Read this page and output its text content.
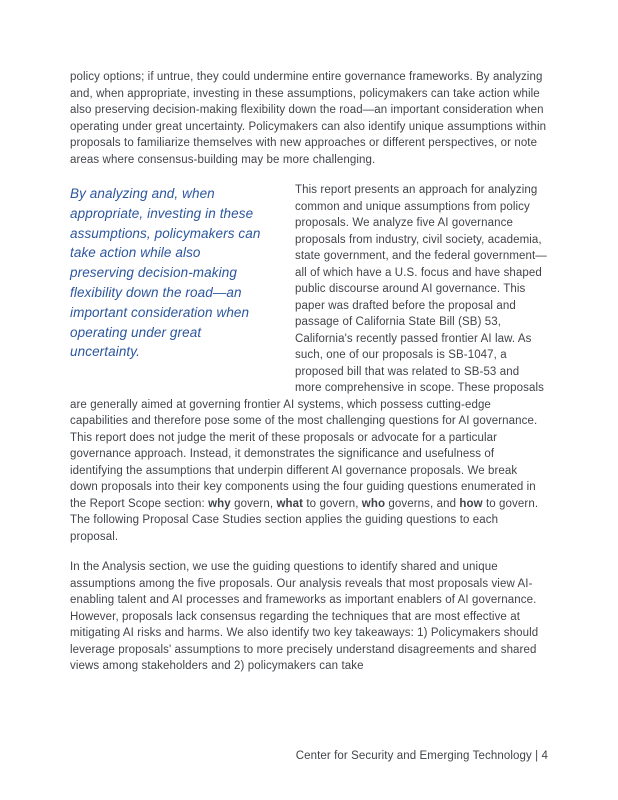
policy options; if untrue, they could undermine entire governance frameworks. By analyzing and, when appropriate, investing in these assumptions, policymakers can take action while also preserving decision-making flexibility down the road—an important consideration when operating under great uncertainty. Policymakers can also identify unique assumptions within proposals to familiarize themselves with new approaches or different perspectives, or note areas where consensus-building may be more challenging.

By analyzing and, when appropriate, investing in these assumptions, policymakers can take action while also preserving decision-making flexibility down the road—an important consideration when operating under great uncertainty.

This report presents an approach for analyzing common and unique assumptions from policy proposals. We analyze five AI governance proposals from industry, civil society, academia, state government, and the federal government—all of which have a U.S. focus and have shaped public discourse around AI governance. This paper was drafted before the proposal and passage of California State Bill (SB) 53, California's recently passed frontier AI law. As such, one of our proposals is SB-1047, a proposed bill that was related to SB-53 and more comprehensive in scope. These proposals are generally aimed at governing frontier AI systems, which possess cutting-edge capabilities and therefore pose some of the most challenging questions for AI governance. This report does not judge the merit of these proposals or advocate for a particular governance approach. Instead, it demonstrates the significance and usefulness of identifying the assumptions that underpin different AI governance proposals. We break down proposals into their key components using the four guiding questions enumerated in the Report Scope section: why govern, what to govern, who governs, and how to govern. The following Proposal Case Studies section applies the guiding questions to each proposal.

In the Analysis section, we use the guiding questions to identify shared and unique assumptions among the five proposals. Our analysis reveals that most proposals view AI-enabling talent and AI processes and frameworks as important enablers of AI governance. However, proposals lack consensus regarding the techniques that are most effective at mitigating AI risks and harms. We also identify two key takeaways: 1) Policymakers should leverage proposals' assumptions to more precisely understand disagreements and shared views among stakeholders and 2) policymakers can take

Center for Security and Emerging Technology | 4
